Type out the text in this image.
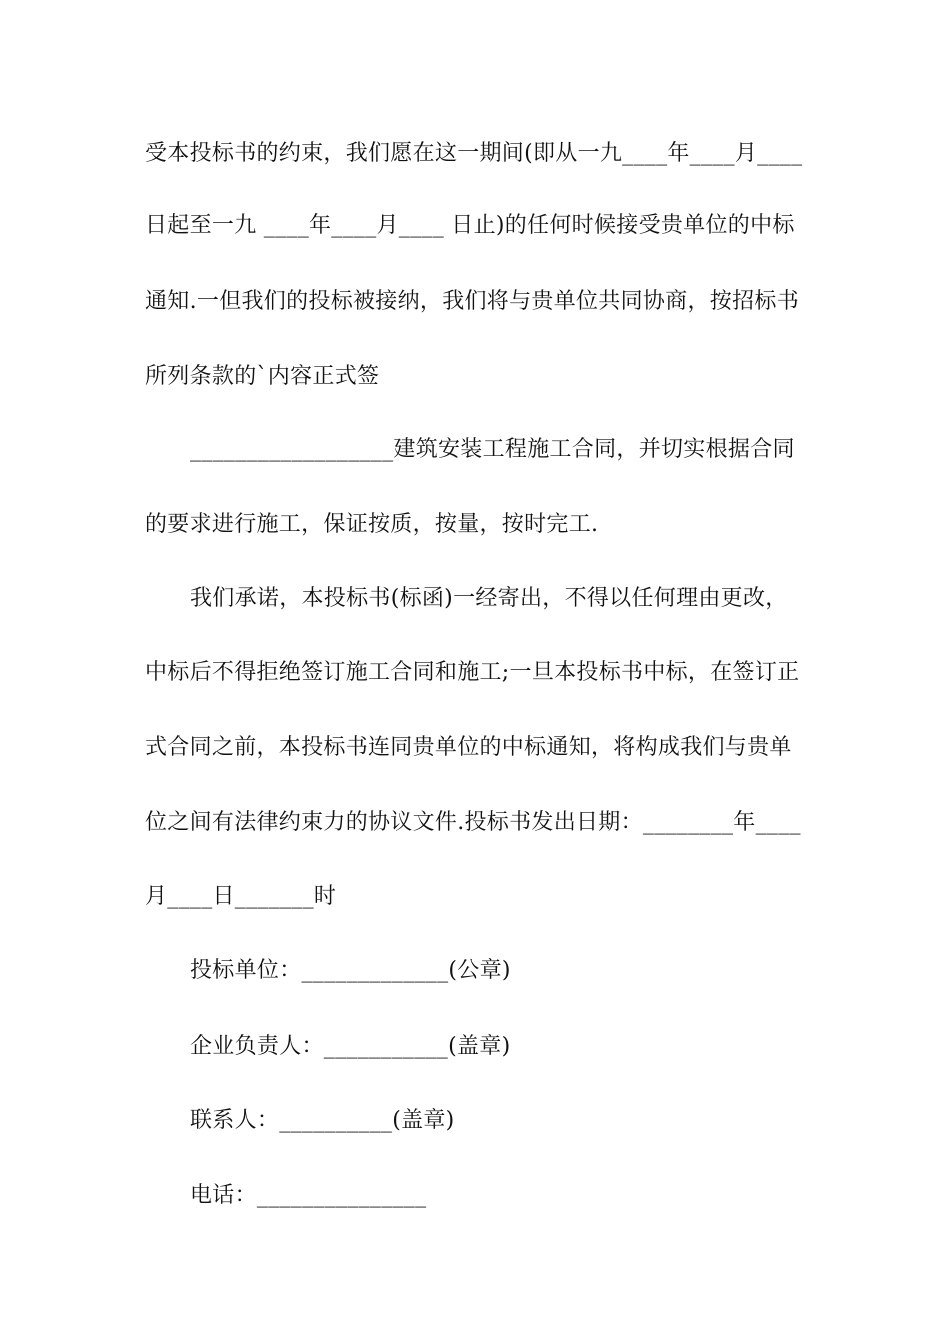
受本投标书的约束，我们愿在这一期间(即从一九____年____月____
日起至一九 ____年____月____ 日止)的任何时候接受贵单位的中标
通知.一但我们的投标被接纳，我们将与贵单位共同协商，按招标书
所列条款的`内容正式签
__________________建筑安装工程施工合同，并切实根据合同
的要求进行施工，保证按质，按量，按时完工.
我们承诺，本投标书(标函)一经寄出，不得以任何理由更改，
中标后不得拒绝签订施工合同和施工;一旦本投标书中标，在签订正
式合同之前，本投标书连同贵单位的中标通知，将构成我们与贵单
位之间有法律约束力的协议文件.投标书发出日期：________年____
月____日_______时
投标单位：_____________(公章)
企业负责人：___________(盖章)
联系人：__________(盖章)
电话：_______________
